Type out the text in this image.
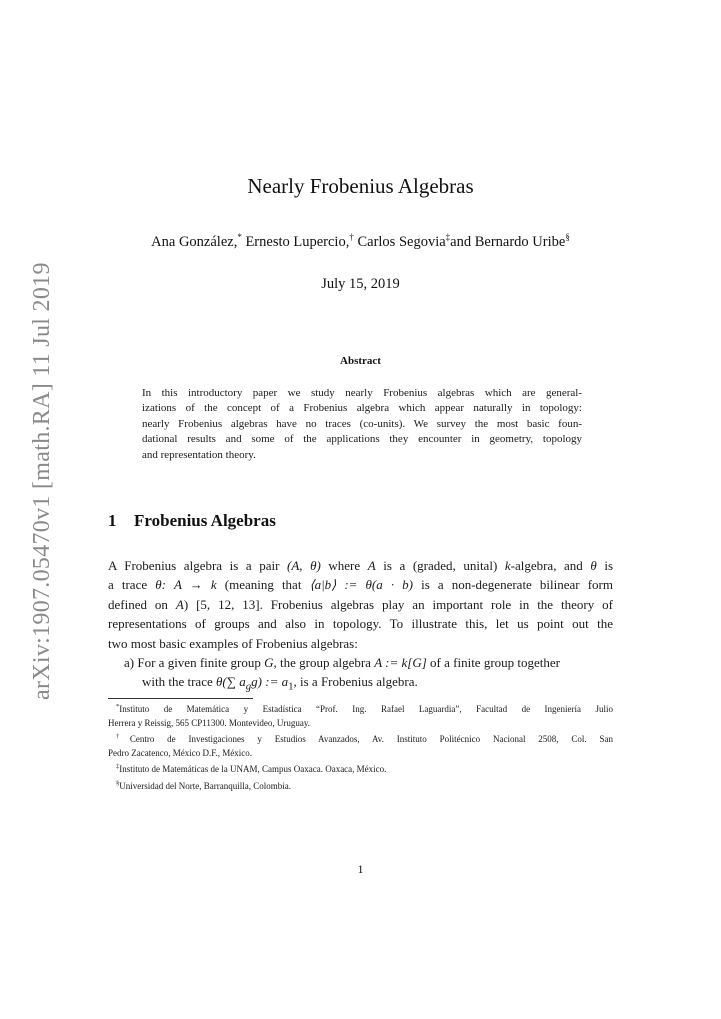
arXiv:1907.05470v1 [math.RA] 11 Jul 2019
Nearly Frobenius Algebras
Ana González,* Ernesto Lupercio,† Carlos Segovia‡and Bernardo Uribe§
July 15, 2019
Abstract
In this introductory paper we study nearly Frobenius algebras which are general-
izations of the concept of a Frobenius algebra which appear naturally in topology:
nearly Frobenius algebras have no traces (co-units). We survey the most basic foun-
dational results and some of the applications they encounter in geometry, topology
and representation theory.
1 Frobenius Algebras
A Frobenius algebra is a pair (A, θ) where A is a (graded, unital) k-algebra, and θ is
a trace θ: A → k (meaning that ⟨a|b⟩ := θ(a · b) is a non-degenerate bilinear form
defined on A) [5, 12, 13]. Frobenius algebras play an important role in the theory of
representations of groups and also in topology. To illustrate this, let us point out the
two most basic examples of Frobenius algebras:
a) For a given finite group G, the group algebra A := k[G] of a finite group together
with the trace θ(∑ $a_gg$) := $a_1$, is a Frobenius algebra.
*Instituto de Matemática y Estadística “Prof. Ing. Rafael Laguardia”, Facultad de Ingeniería Julio
Herrera y Reissig, 565 CP11300. Montevideo, Uruguay.
†Centro de Investigaciones y Estudios Avanzados, Av. Instituto Politécnico Nacional 2508, Col. San
Pedro Zacatenco, México D.F., México.
‡Instituto de Matemáticas de la UNAM, Campus Oaxaca. Oaxaca, México.
§Universidad del Norte, Barranquilla, Colombia.
1
